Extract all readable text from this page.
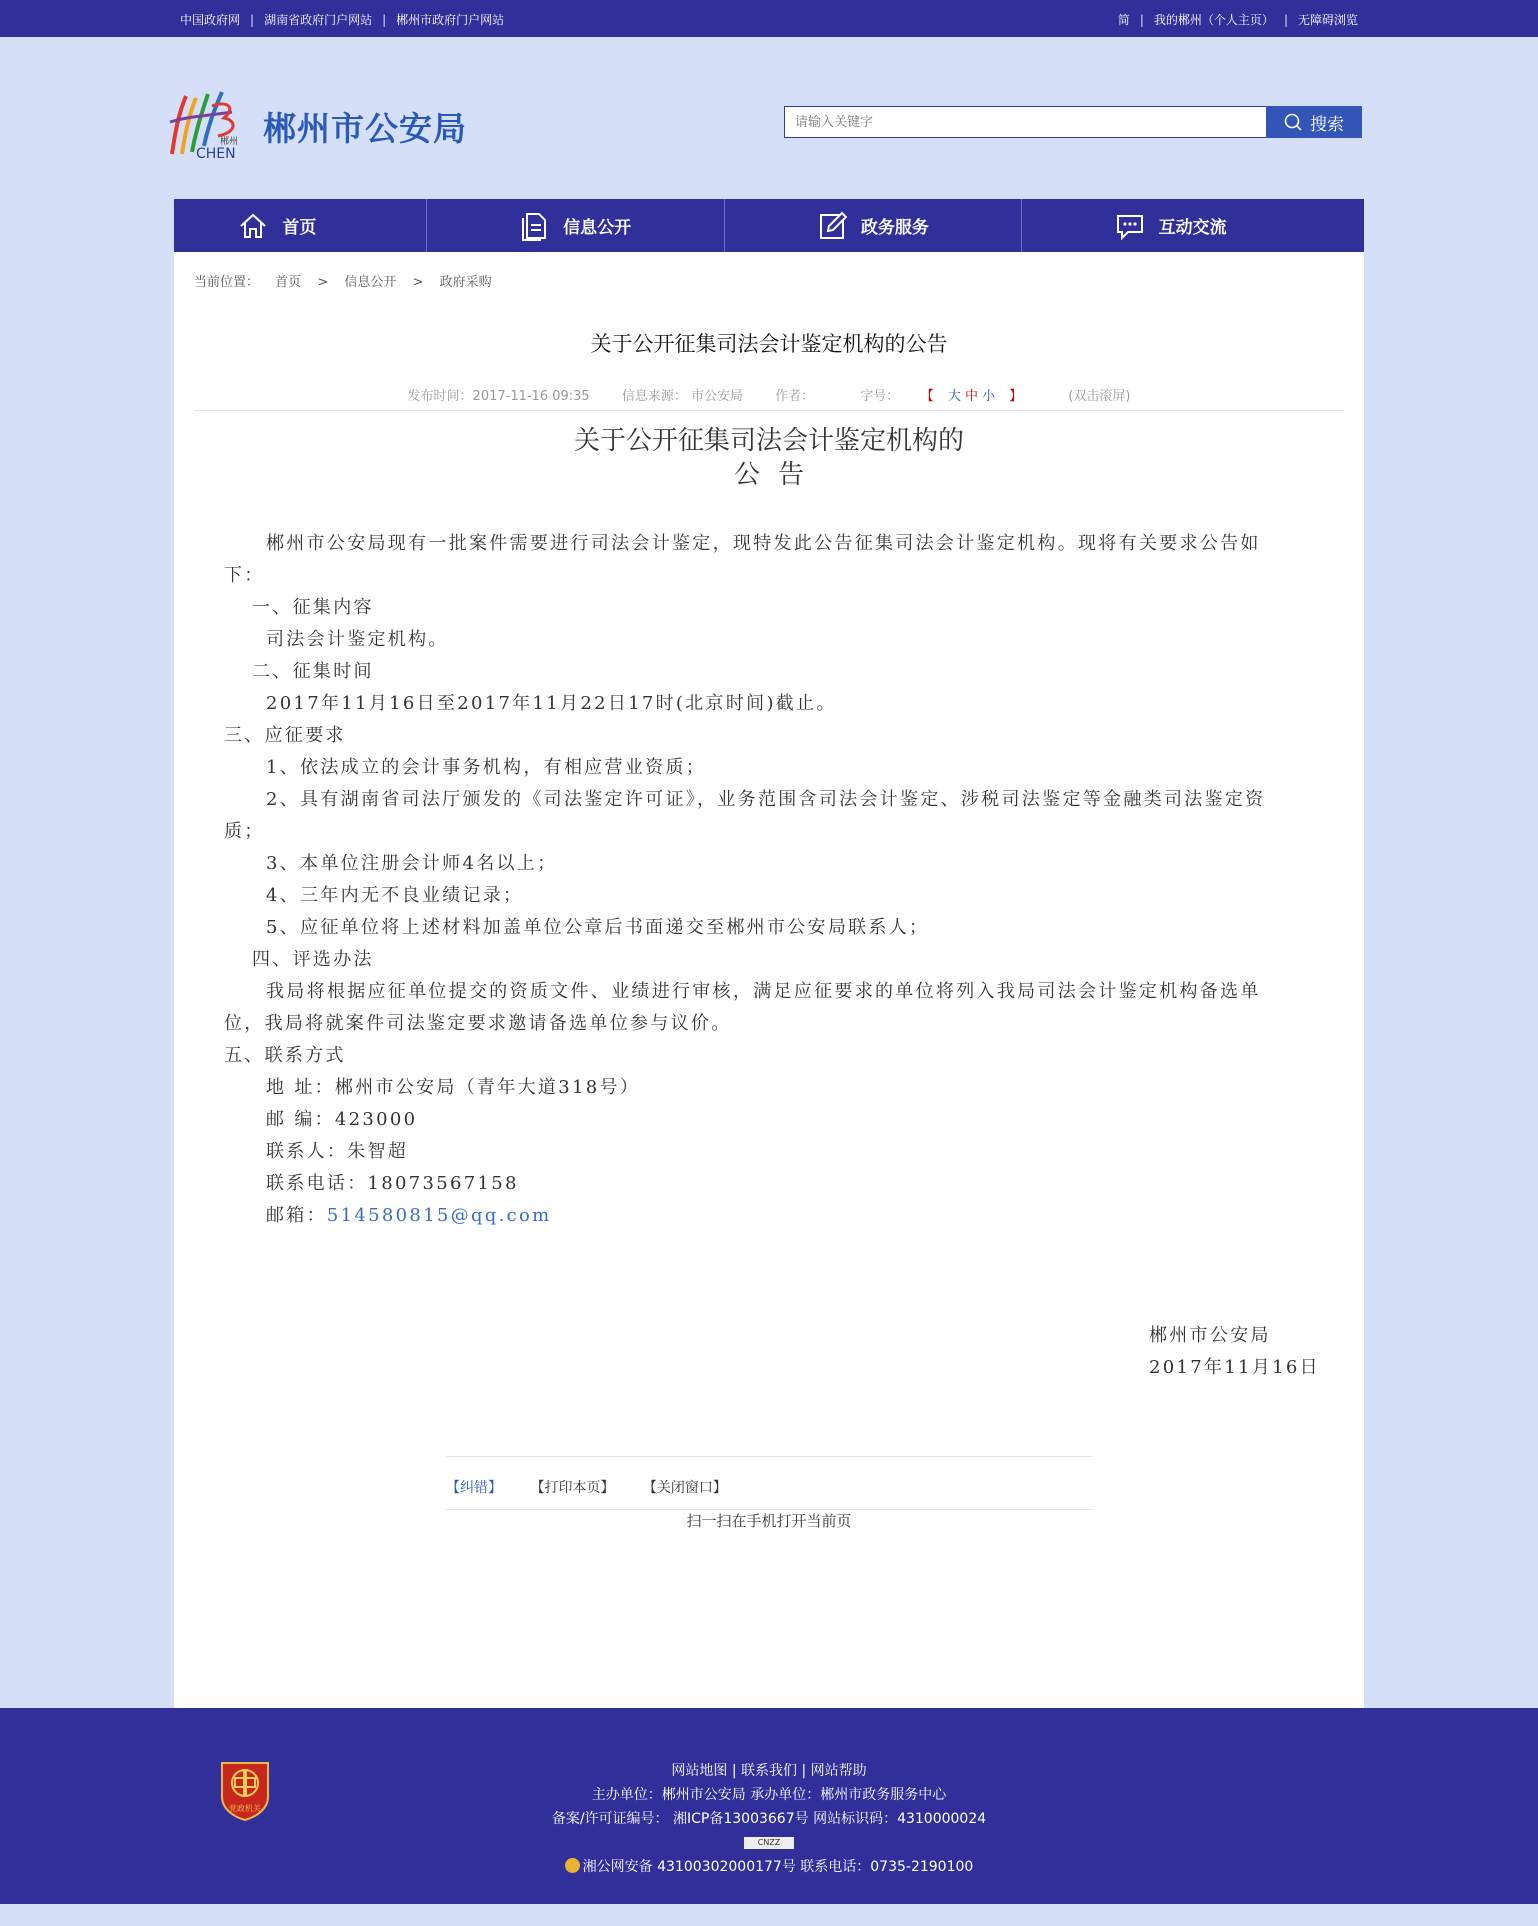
中国政府网 | 湖南省政府门户网站 | 郴州市政府门户网站	简 | 我的郴州（个人主页） | 无障碍浏览
郴州
CHEN
郴州市公安局
请输入关键字	搜索
首页	信息公开	政务服务	互动交流
当前位置： 首页 > 信息公开 > 政府采购
关于公开征集司法会计鉴定机构的公告
发布时间：2017-11-16 09:35 信息来源： 市公安局 作者：	字号： 【 大 中 小 】	(双击滚屏)
关于公开征集司法会计鉴定机构的
公告

郴州市公安局现有一批案件需要进行司法会计鉴定，现特发此公告征集司法会计鉴定机构。现将有关要求公告如下：

一、征集内容

司法会计鉴定机构。

二、征集时间

2017年11月16日至2017年11月22日17时(北京时间)截止。

三、应征要求

1、依法成立的会计事务机构，有相应营业资质；

2、具有湖南省司法厅颁发的《司法鉴定许可证》，业务范围含司法会计鉴定、涉税司法鉴定等金融类司法鉴定资质；

3、本单位注册会计师4名以上；

4、三年内无不良业绩记录；

5、应征单位将上述材料加盖单位公章后书面递交至郴州市公安局联系人；

四、评选办法

我局将根据应征单位提交的资质文件、业绩进行审核，满足应征要求的单位将列入我局司法会计鉴定机构备选单位，我局将就案件司法鉴定要求邀请备选单位参与议价。

五、联系方式

地 址：郴州市公安局（青年大道318号）

邮 编：423000

联系人：朱智超

联系电话：18073567158

邮箱：514580815@qq.com

郴州市公安局

2017年11月16日

【纠错】 【打印本页】 【关闭窗口】
扫一扫在手机打开当前页
党政机关

网站地图 | 联系我们 | 网站帮助

主办单位：郴州市公安局 承办单位：郴州市政务服务中心

备案/许可证编号： 湘ICP备13003667号 网站标识码：4310000024

CNZZ

湘公网安备 43100302000177号 联系电话：0735-2190100
